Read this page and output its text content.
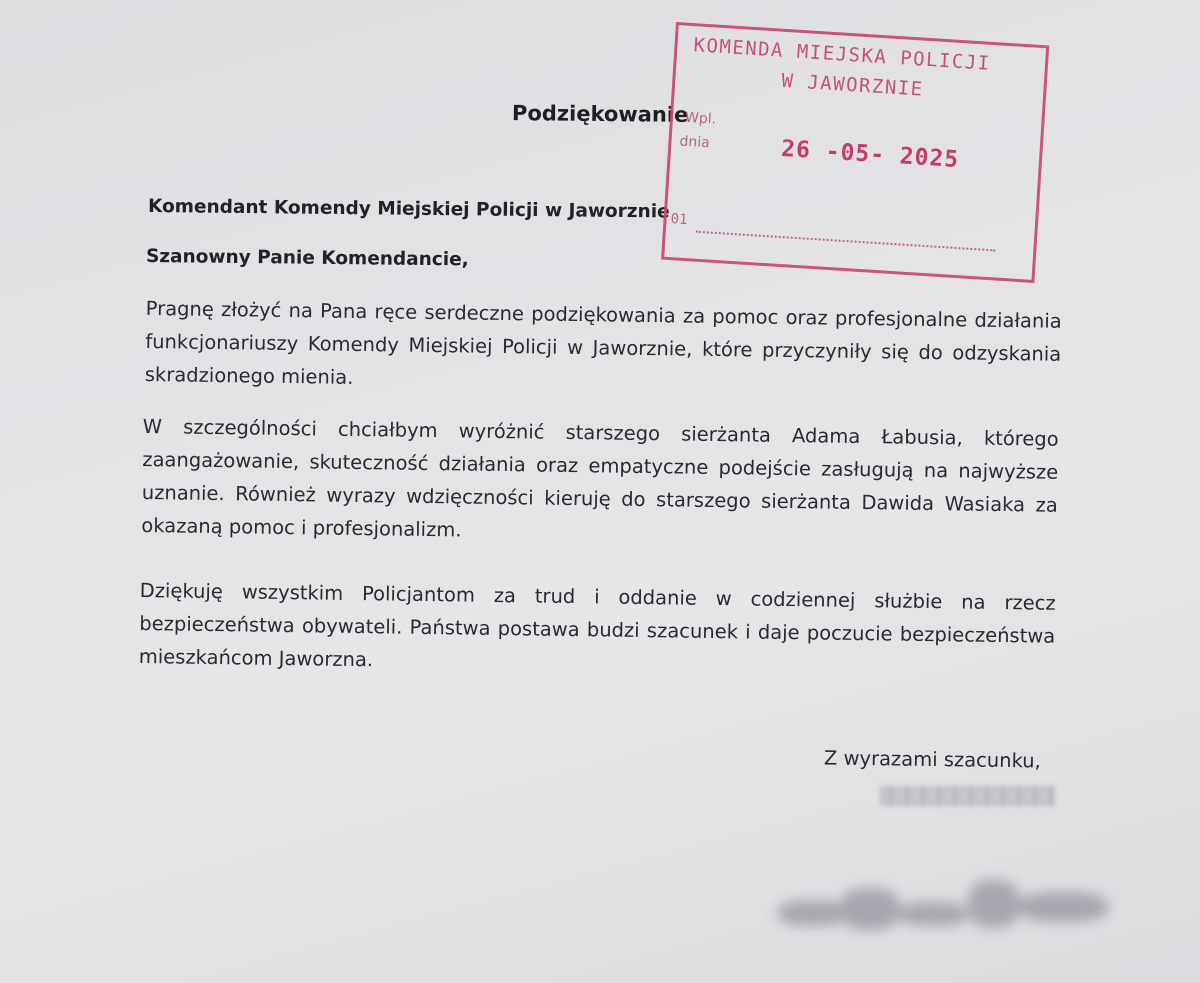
Podziękowanie
Komendant Komendy Miejskiej Policji w Jaworznie
Szanowny Panie Komendancie,
Pragnę złożyć na Pana ręce serdeczne podziękowania za pomoc oraz profesjonalne działania funkcjonariuszy Komendy Miejskiej Policji w Jaworznie, które przyczyniły się do odzyskania skradzionego mienia.
W szczególności chciałbym wyróżnić starszego sierżanta Adama Łabusia, którego zaangażowanie, skuteczność działania oraz empatyczne podejście zasługują na najwyższe uznanie. Również wyrazy wdzięczności kieruję do starszego sierżanta Dawida Wasiaka za okazaną pomoc i profesjonalizm.
Dziękuję wszystkim Policjantom za trud i oddanie w codziennej służbie na rzecz bezpieczeństwa obywateli. Państwa postawa budzi szacunek i daje poczucie bezpieczeństwa mieszkańcom Jaworzna.
Z wyrazami szacunku,
KOMENDA MIEJSKA POLICJI
W JAWORZNIE
Wpl.
dnia	26 -05- 2025
01
